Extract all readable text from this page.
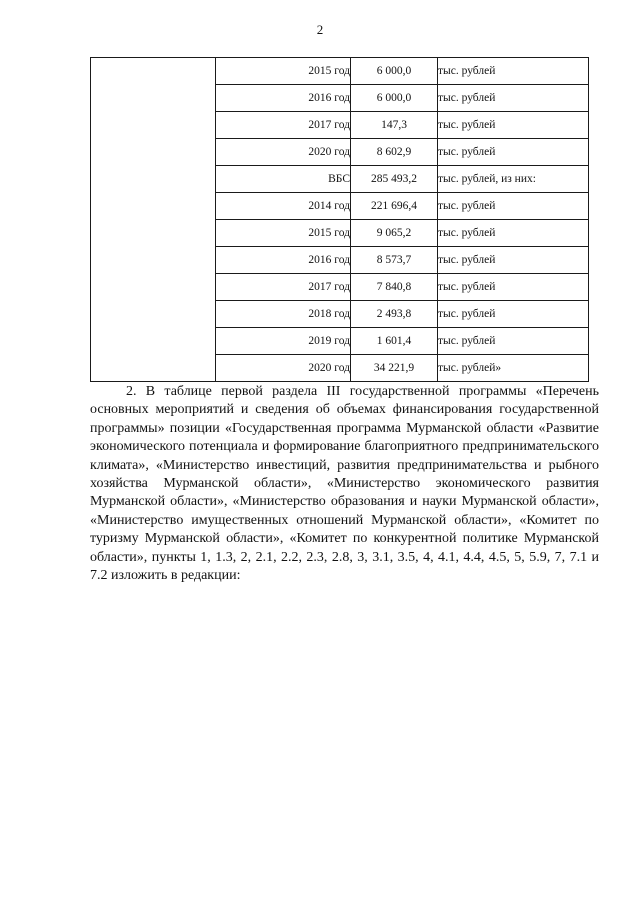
2
	2015 год	6 000,0	тыс. рублей
	2016 год	6 000,0	тыс. рублей
	2017 год	147,3	тыс. рублей
	2020 год	8 602,9	тыс. рублей
	ВБС	285 493,2	тыс. рублей, из них:
	2014 год	221 696,4	тыс. рублей
	2015 год	9 065,2	тыс. рублей
	2016 год	8 573,7	тыс. рублей
	2017 год	7 840,8	тыс. рублей
	2018 год	2 493,8	тыс. рублей
	2019 год	1 601,4	тыс. рублей
	2020 год	34 221,9	тыс. рублей»

2. В таблице первой раздела III государственной программы «Перечень основных мероприятий и сведения об объемах финансирования государственной программы» позиции «Государственная программа Мурманской области «Развитие экономического потенциала и формирование благоприятного предпринимательского климата», «Министерство инвестиций, развития предпринимательства и рыбного хозяйства Мурманской области», «Министерство экономического развития Мурманской области», «Министерство образования и науки Мурманской области», «Министерство имущественных отношений Мурманской области», «Комитет по туризму Мурманской области», «Комитет по конкурентной политике Мурманской области», пункты 1, 1.3, 2, 2.1, 2.2, 2.3, 2.8, 3, 3.1, 3.5, 4, 4.1, 4.4, 4.5, 5, 5.9, 7, 7.1 и 7.2 изложить в редакции:
